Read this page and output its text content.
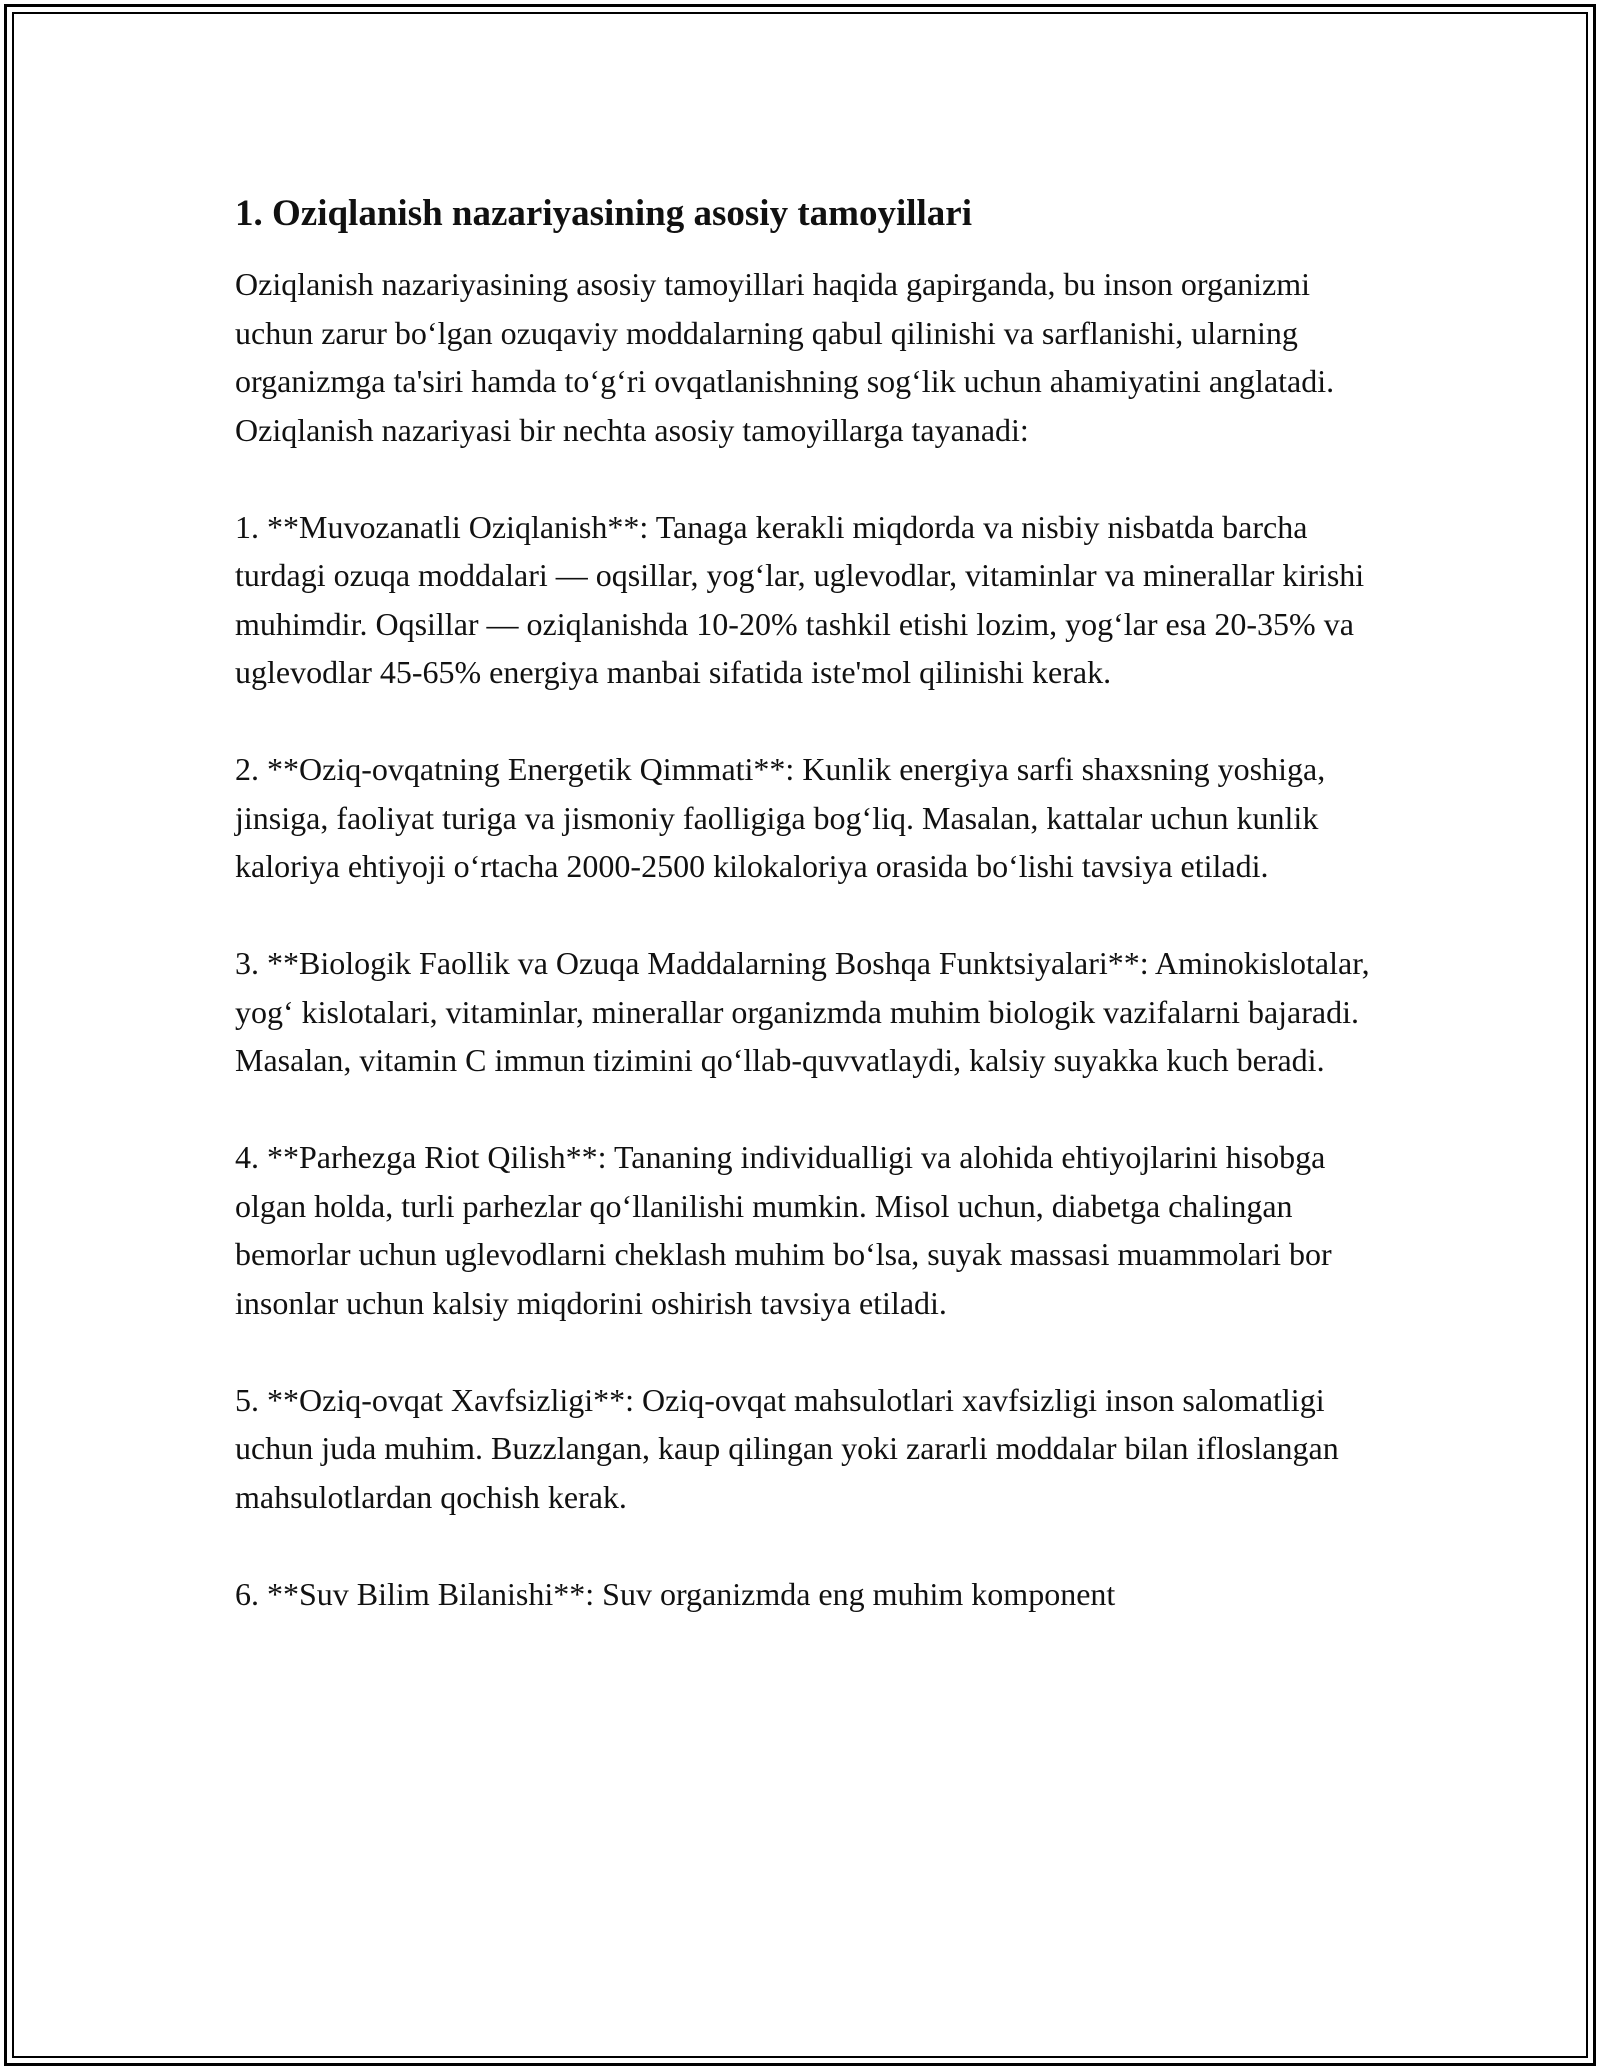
1. Oziqlanish nazariyasining asosiy tamoyillari

Oziqlanish nazariyasining asosiy tamoyillari haqida gapirganda, bu inson organizmi uchun zarur bo‘lgan ozuqaviy moddalarning qabul qilinishi va sarflanishi, ularning organizmga ta'siri hamda to‘g‘ri ovqatlanishning sog‘lik uchun ahamiyatini anglatadi. Oziqlanish nazariyasi bir nechta asosiy tamoyillarga tayanadi:

1. **Muvozanatli Oziqlanish**: Tanaga kerakli miqdorda va nisbiy nisbatda barcha turdagi ozuqa moddalari — oqsillar, yog‘lar, uglevodlar, vitaminlar va minerallar kirishi muhimdir. Oqsillar — oziqlanishda 10-20% tashkil etishi lozim, yog‘lar esa 20-35% va uglevodlar 45-65% energiya manbai sifatida iste'mol qilinishi kerak.

2. **Oziq-ovqatning Energetik Qimmati**: Kunlik energiya sarfi shaxsning yoshiga, jinsiga, faoliyat turiga va jismoniy faolligiga bog‘liq. Masalan, kattalar uchun kunlik kaloriya ehtiyoji o‘rtacha 2000-2500 kilokaloriya orasida bo‘lishi tavsiya etiladi.

3. **Biologik Faollik va Ozuqa Maddalarning Boshqa Funktsiyalari**: Aminokislotalar, yog‘ kislotalari, vitaminlar, minerallar organizmda muhim biologik vazifalarni bajaradi. Masalan, vitamin C immun tizimini qo‘llab-quvvatlaydi, kalsiy suyakka kuch beradi.

4. **Parhezga Riot Qilish**: Tananing individualligi va alohida ehtiyojlarini hisobga olgan holda, turli parhezlar qo‘llanilishi mumkin. Misol uchun, diabetga chalingan bemorlar uchun uglevodlarni cheklash muhim bo‘lsa, suyak massasi muammolari bor insonlar uchun kalsiy miqdorini oshirish tavsiya etiladi.

5. **Oziq-ovqat Xavfsizligi**: Oziq-ovqat mahsulotlari xavfsizligi inson salomatligi uchun juda muhim. Buzzlangan, kaup qilingan yoki zararli moddalar bilan ifloslangan mahsulotlardan qochish kerak.

6. **Suv Bilim Bilanishi**: Suv organizmda eng muhim komponent
